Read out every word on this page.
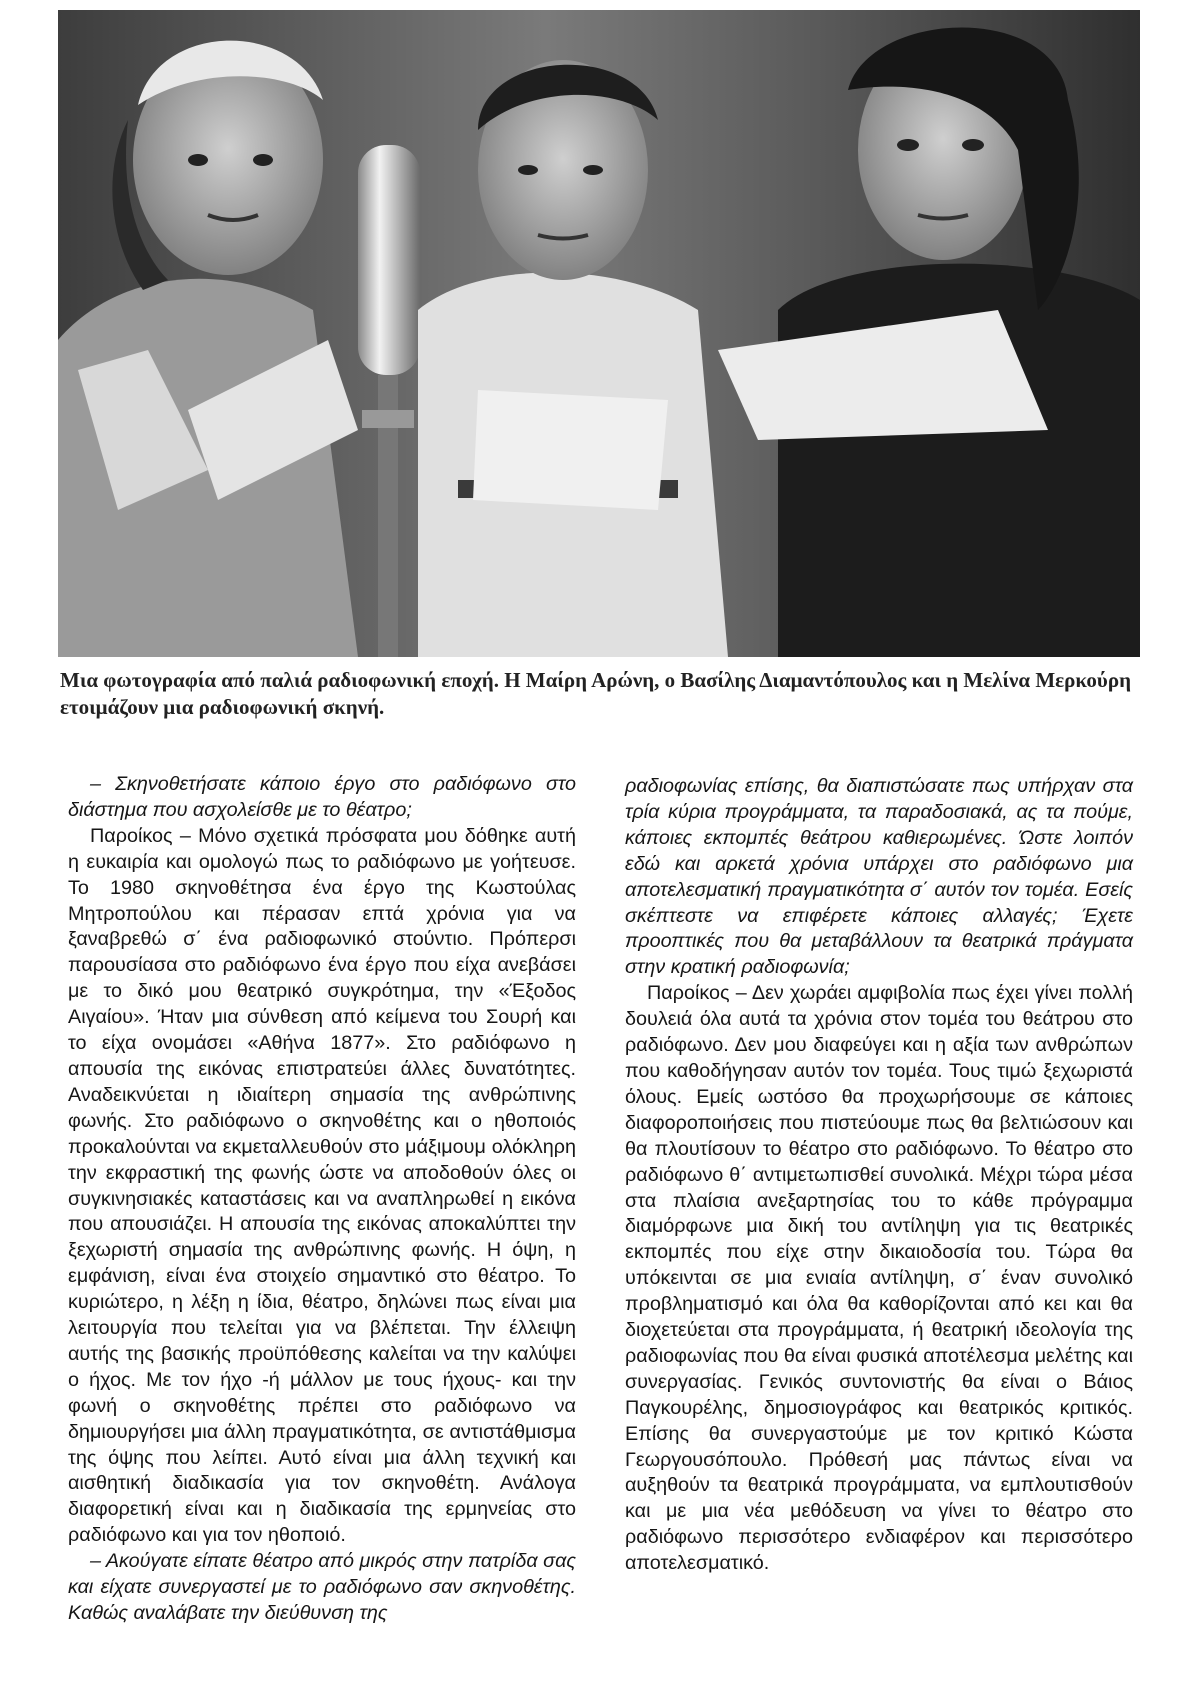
Μια φωτογραφία από παλιά ραδιοφωνική εποχή. Η Μαίρη Αρώνη, ο Βασίλης Διαμαντόπουλος και η Μελίνα Μερκούρη ετοιμάζουν μια ραδιοφωνική σκηνή.

– Σκηνοθετήσατε κάποιο έργο στο ραδιόφωνο στο διάστημα που ασχολείσθε με το θέατρο;

Παροίκος – Μόνο σχετικά πρόσφατα μου δόθηκε αυτή η ευκαιρία και ομολογώ πως το ραδιόφωνο με γοήτευσε. Το 1980 σκηνοθέτησα ένα έργο της Κωστούλας Μητροπούλου και πέρασαν επτά χρόνια για να ξαναβρεθώ σ΄ ένα ραδιοφωνικό στούντιο. Πρόπερσι παρουσίασα στο ραδιόφωνο ένα έργο που είχα ανεβάσει με το δικό μου θεατρικό συγκρότημα, την «Έξοδος Αιγαίου». Ήταν μια σύνθεση από κείμενα του Σουρή και το είχα ονομάσει «Αθήνα 1877». Στο ραδιόφωνο η απουσία της εικόνας επιστρατεύει άλλες δυνατότητες. Αναδεικνύεται η ιδιαίτερη σημασία της ανθρώπινης φωνής. Στο ραδιόφωνο ο σκηνοθέτης και ο ηθοποιός προκαλούνται να εκμεταλλευθούν στο μάξιμουμ ολόκληρη την εκφραστική της φωνής ώστε να αποδοθούν όλες οι συγκινησιακές καταστάσεις και να αναπληρωθεί η εικόνα που απουσιάζει. Η απουσία της εικόνας αποκαλύπτει την ξεχωριστή σημασία της ανθρώπινης φωνής. Η όψη, η εμφάνιση, είναι ένα στοιχείο σημαντικό στο θέατρο. Το κυριώτερο, η λέξη η ίδια, θέατρο, δηλώνει πως είναι μια λειτουργία που τελείται για να βλέπεται. Την έλλειψη αυτής της βασικής προϋπόθεσης καλείται να την καλύψει ο ήχος. Με τον ήχο -ή μάλλον με τους ήχους- και την φωνή ο σκηνοθέτης πρέπει στο ραδιόφωνο να δημιουργήσει μια άλλη πραγματικότητα, σε αντιστάθμισμα της όψης που λείπει. Αυτό είναι μια άλλη τεχνική και αισθητική διαδικασία για τον σκηνοθέτη. Ανάλογα διαφορετική είναι και η διαδικασία της ερμηνείας στο ραδιόφωνο και για τον ηθοποιό.

– Ακούγατε είπατε θέατρο από μικρός στην πατρίδα σας και είχατε συνεργαστεί με το ραδιόφωνο σαν σκηνοθέτης. Καθώς αναλάβατε την διεύθυνση της

ραδιοφωνίας επίσης, θα διαπιστώσατε πως υπήρχαν στα τρία κύρια προγράμματα, τα παραδοσιακά, ας τα πούμε, κάποιες εκπομπές θεάτρου καθιερωμένες. Ώστε λοιπόν εδώ και αρκετά χρόνια υπάρχει στο ραδιόφωνο μια αποτελεσματική πραγματικότητα σ΄ αυτόν τον τομέα. Εσείς σκέπτεστε να επιφέρετε κάποιες αλλαγές; Έχετε προοπτικές που θα μεταβάλλουν τα θεατρικά πράγματα στην κρατική ραδιοφωνία;

Παροίκος – Δεν χωράει αμφιβολία πως έχει γίνει πολλή δουλειά όλα αυτά τα χρόνια στον τομέα του θεάτρου στο ραδιόφωνο. Δεν μου διαφεύγει και η αξία των ανθρώπων που καθοδήγησαν αυτόν τον τομέα. Τους τιμώ ξεχωριστά όλους. Εμείς ωστόσο θα προχωρήσουμε σε κάποιες διαφοροποιήσεις που πιστεύουμε πως θα βελτιώσουν και θα πλουτίσουν το θέατρο στο ραδιόφωνο. Το θέατρο στο ραδιόφωνο θ΄ αντιμετωπισθεί συνολικά. Μέχρι τώρα μέσα στα πλαίσια ανεξαρτησίας του το κάθε πρόγραμμα διαμόρφωνε μια δική του αντίληψη για τις θεατρικές εκπομπές που είχε στην δικαιοδοσία του. Τώρα θα υπόκεινται σε μια ενιαία αντίληψη, σ΄ έναν συνολικό προβληματισμό και όλα θα καθορίζονται από κει και θα διοχετεύεται στα προγράμματα, ή θεατρική ιδεολογία της ραδιοφωνίας που θα είναι φυσικά αποτέλεσμα μελέτης και συνεργασίας. Γενικός συντονιστής θα είναι ο Βάιος Παγκουρέλης, δημοσιογράφος και θεατρικός κριτικός. Επίσης θα συνεργαστούμε με τον κριτικό Κώστα Γεωργουσόπουλο. Πρόθεσή μας πάντως είναι να αυξηθούν τα θεατρικά προγράμματα, να εμπλουτισθούν και με μια νέα μεθόδευση να γίνει το θέατρο στο ραδιόφωνο περισσότερο ενδιαφέρον και περισσότερο αποτελεσματικό.
